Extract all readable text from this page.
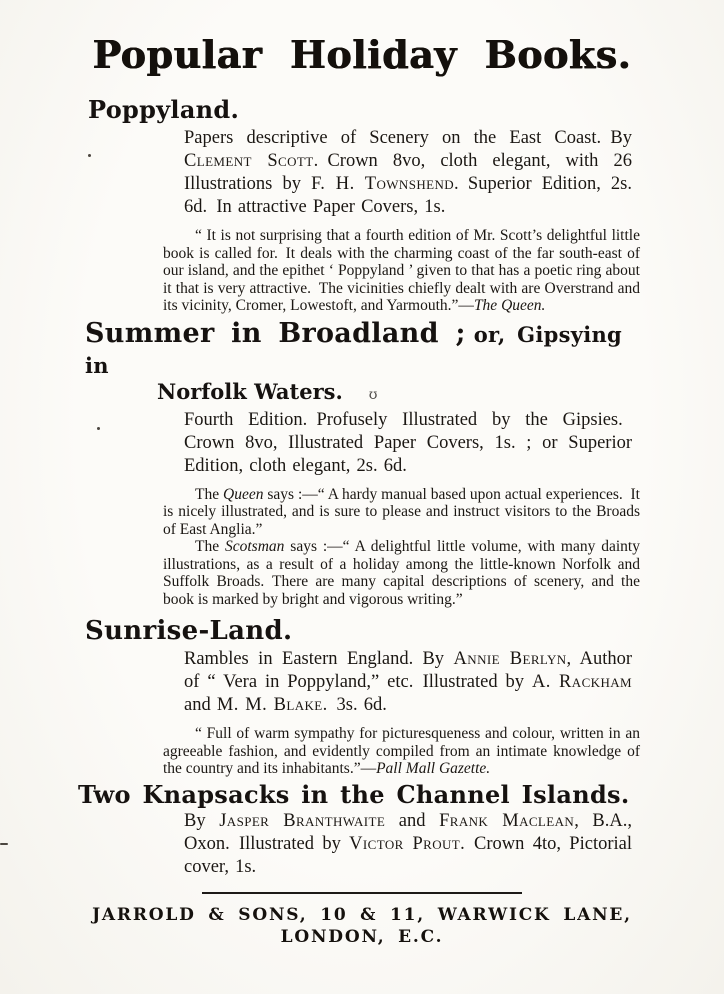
Popular Holiday Books.
Poppyland.

Papers descriptive of Scenery on the East Coast. By Clement Scott. Crown 8vo, cloth elegant, with 26 Illustrations by F. H. Townshend. Superior Edition, 2s. 6d. In attractive Paper Covers, 1s.

“ It is not surprising that a fourth edition of Mr. Scott’s delightful little book is called for. It deals with the charming coast of the far south-east of our island, and the epithet ‘ Poppyland ’ given to that has a poetic ring about it that is very attractive. The vicinities chiefly dealt with are Overstrand and its vicinity, Cromer, Lowestoft, and Yarmouth.”—The Queen.

Summer in Broadland ; or, Gipsying in
Norfolk Waters. ʊ

Fourth Edition. Profusely Illustrated by the Gipsies. Crown 8vo, Illustrated Paper Covers, 1s. ; or Superior Edition, cloth elegant, 2s. 6d.

The Queen says :—“ A hardy manual based upon actual experiences. It is nicely illustrated, and is sure to please and instruct visitors to the Broads of East Anglia.”

The Scotsman says :—“ A delightful little volume, with many dainty illustrations, as a result of a holiday among the little-known Norfolk and Suffolk Broads. There are many capital descriptions of scenery, and the book is marked by bright and vigorous writing.”

Sunrise-Land.

Rambles in Eastern England. By Annie Berlyn, Author of “ Vera in Poppyland,” etc. Illustrated by A. Rackham and M. M. Blake. 3s. 6d.

“ Full of warm sympathy for picturesqueness and colour, written in an agreeable fashion, and evidently compiled from an intimate knowledge of the country and its inhabitants.”—Pall Mall Gazette.

Two Knapsacks in the Channel Islands.

By Jasper Branthwaite and Frank Maclean, B.A., Oxon. Illustrated by Victor Prout. Crown 4to, Pictorial cover, 1s.

JARROLD & SONS, 10 & 11, WARWICK LANE, LONDON, E.C.
